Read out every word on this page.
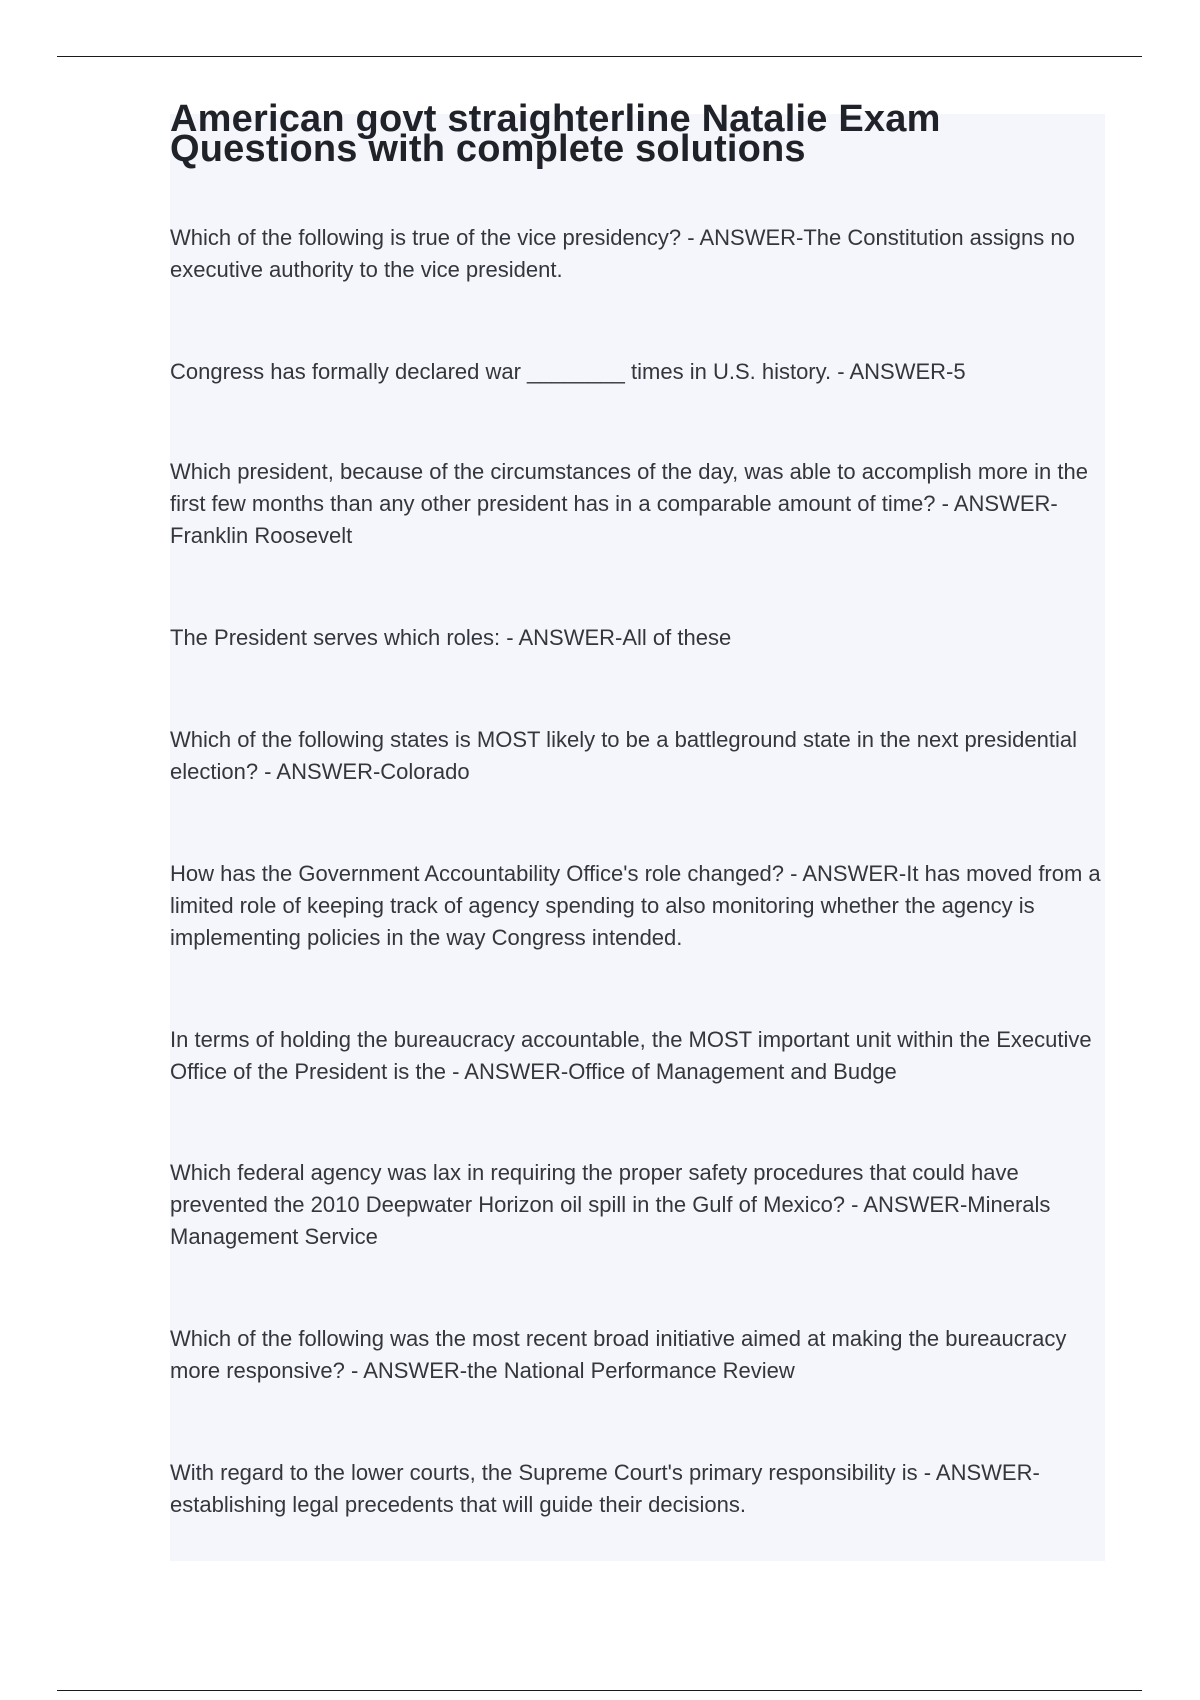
American govt straighterline Natalie Exam
Questions with complete solutions
Which of the following is true of the vice presidency? - ANSWER-The Constitution assigns no executive authority to the vice president.
Congress has formally declared war ________ times in U.S. history. - ANSWER-5
Which president, because of the circumstances of the day, was able to accomplish more in the first few months than any other president has in a comparable amount of time? - ANSWER-Franklin Roosevelt
The President serves which roles: - ANSWER-All of these
Which of the following states is MOST likely to be a battleground state in the next presidential election? - ANSWER-Colorado
How has the Government Accountability Office's role changed? - ANSWER-It has moved from a limited role of keeping track of agency spending to also monitoring whether the agency is implementing policies in the way Congress intended.
In terms of holding the bureaucracy accountable, the MOST important unit within the Executive Office of the President is the - ANSWER-Office of Management and Budge
Which federal agency was lax in requiring the proper safety procedures that could have prevented the 2010 Deepwater Horizon oil spill in the Gulf of Mexico? - ANSWER-Minerals Management Service
Which of the following was the most recent broad initiative aimed at making the bureaucracy more responsive? - ANSWER-the National Performance Review
With regard to the lower courts, the Supreme Court's primary responsibility is - ANSWER-establishing legal precedents that will guide their decisions.
